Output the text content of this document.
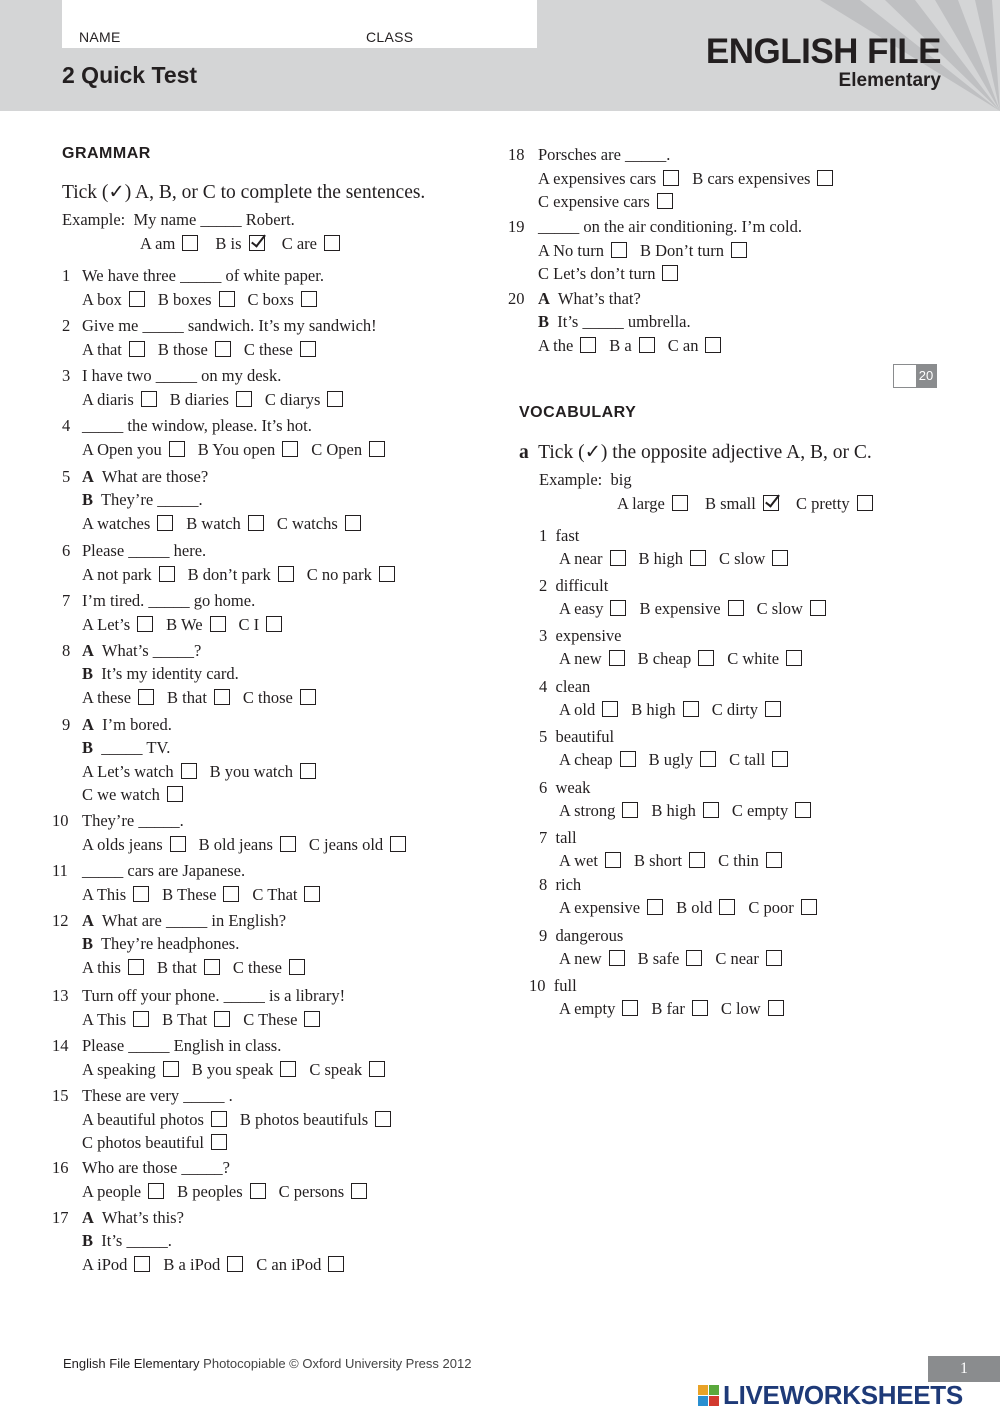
NAME	CLASS
2 Quick Test
ENGLISH FILE
Elementary
GRAMMAR
Tick (✓) A, B, or C to complete the sentences.
Example: My name _____ Robert.
A am B is C are
1 We have three _____ of white paper.
A box B boxes C boxs
2 Give me _____ sandwich. It’s my sandwich!
A that B those C these
3 I have two _____ on my desk.
A diaris B diaries C diarys
4 _____ the window, please. It’s hot.
A Open you B You open C Open
5 A What are those?
B They’re _____.
A watches B watch C watchs
6 Please _____ here.
A not park B don’t park C no park
7 I’m tired. _____ go home.
A Let’s B We C I
8 A What’s _____?
B It’s my identity card.
A these B that C those
9 A I’m bored.
B _____ TV.
A Let’s watch B you watch
C we watch
10 They’re _____.
A olds jeans B old jeans C jeans old
11 _____ cars are Japanese.
A This B These C That
12 A What are _____ in English?
B They’re headphones.
A this B that C these
13 Turn off your phone. _____ is a library!
A This B That C These
14 Please _____ English in class.
A speaking B you speak C speak
15 These are very _____ .
A beautiful photos B photos beautifuls
C photos beautiful
16 Who are those _____?
A people B peoples C persons
17 A What’s this?
B It’s _____.
A iPod B a iPod C an iPod
18 Porsches are _____.
A expensives cars B cars expensives
C expensive cars
19 _____ on the air conditioning. I’m cold.
A No turn B Don’t turn
C Let’s don’t turn
20 A What’s that?
B It’s _____ umbrella.
A the B a C an
20
VOCABULARY
a Tick (✓) the opposite adjective A, B, or C.
Example: big
A large B small C pretty
1 fast
A near B high C slow
2 difficult
A easy B expensive C slow
3 expensive
A new B cheap C white
4 clean
A old B high C dirty
5 beautiful
A cheap B ugly C tall
6 weak
A strong B high C empty
7 tall
A wet B short C thin
8 rich
A expensive B old C poor
9 dangerous
A new B safe C near
10 full
A empty B far C low
English File Elementary Photocopiable © Oxford University Press 2012	1
LIVEWORKSHEETS
